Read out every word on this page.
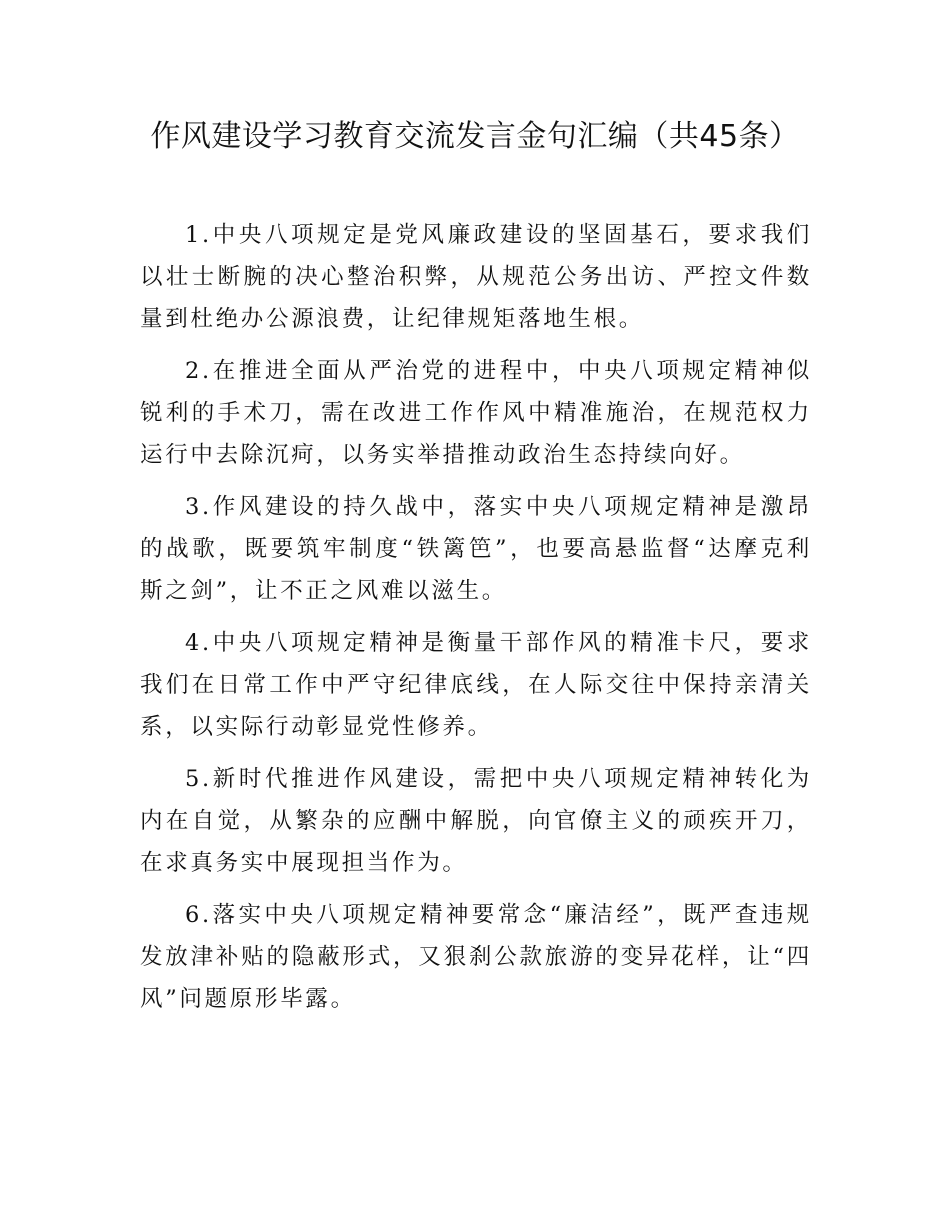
作风建设学习教育交流发言金句汇编（共45条）
1.中央八项规定是党风廉政建设的坚固基石，要求我们以壮士断腕的决心整治积弊，从规范公务出访、严控文件数量到杜绝办公源浪费，让纪律规矩落地生根。
2.在推进全面从严治党的进程中，中央八项规定精神似锐利的手术刀，需在改进工作作风中精准施治，在规范权力运行中去除沉疴，以务实举措推动政治生态持续向好。
3.作风建设的持久战中，落实中央八项规定精神是激昂的战歌，既要筑牢制度“铁篱笆”，也要高悬监督“达摩克利斯之剑”，让不正之风难以滋生。
4.中央八项规定精神是衡量干部作风的精准卡尺，要求我们在日常工作中严守纪律底线，在人际交往中保持亲清关系，以实际行动彰显党性修养。
5.新时代推进作风建设，需把中央八项规定精神转化为内在自觉，从繁杂的应酬中解脱，向官僚主义的顽疾开刀，在求真务实中展现担当作为。
6.落实中央八项规定精神要常念“廉洁经”，既严查违规发放津补贴的隐蔽形式，又狠刹公款旅游的变异花样，让“四风”问题原形毕露。
